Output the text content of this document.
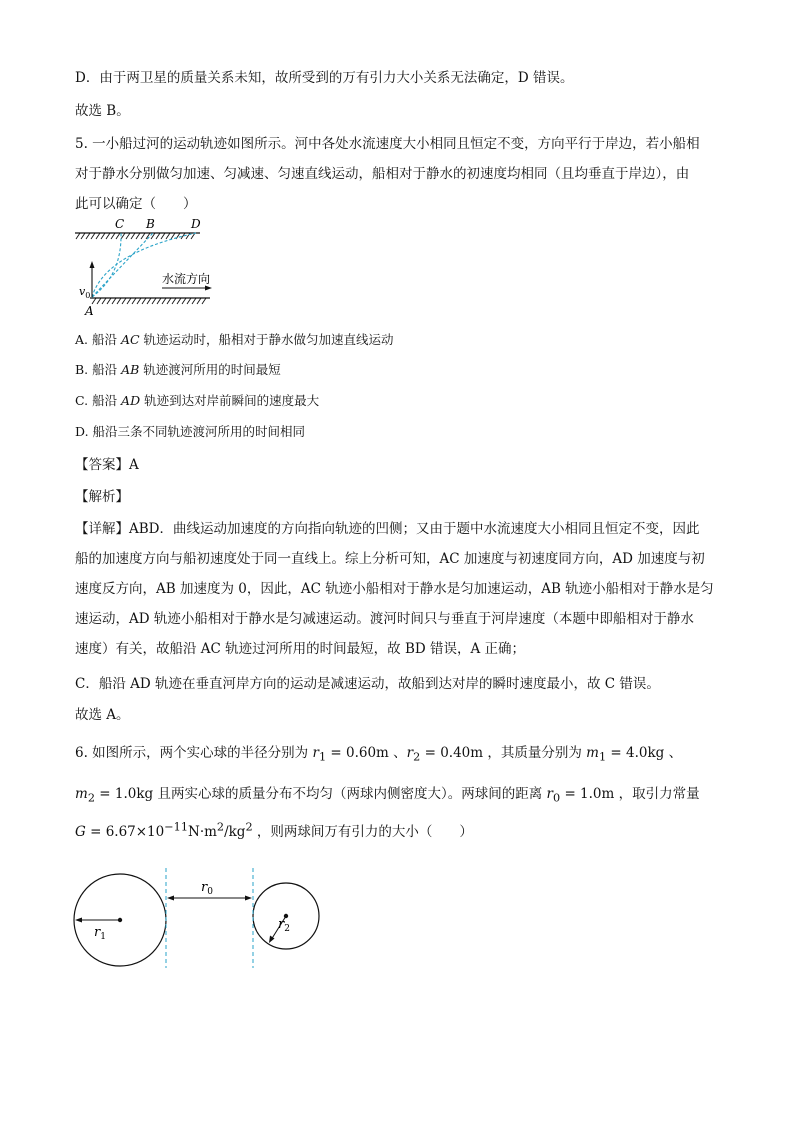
D．由于两卫星的质量关系未知，故所受到的万有引力大小关系无法确定，D 错误。
故选 B。
5. 一小船过河的运动轨迹如图所示。河中各处水流速度大小相同且恒定不变，方向平行于岸边，若小船相
对于静水分别做匀加速、匀减速、匀速直线运动，船相对于静水的初速度均相同（且均垂直于岸边），由
此可以确定（　　）
C B	D
A
$v_0$
水流方向
A. 船沿 AC 轨迹运动时，船相对于静水做匀加速直线运动
B. 船沿 AB 轨迹渡河所用的时间最短
C. 船沿 AD 轨迹到达对岸前瞬间的速度最大
D. 船沿三条不同轨迹渡河所用的时间相同
【答案】A
【解析】
【详解】ABD．曲线运动加速度的方向指向轨迹的凹侧；又由于题中水流速度大小相同且恒定不变，因此
船的加速度方向与船初速度处于同一直线上。综上分析可知，AC 加速度与初速度同方向，AD 加速度与初
速度反方向，AB 加速度为 0，因此，AC 轨迹小船相对于静水是匀加速运动，AB 轨迹小船相对于静水是匀
速运动，AD 轨迹小船相对于静水是匀减速运动。渡河时间只与垂直于河岸速度（本题中即船相对于静水
速度）有关，故船沿 AC 轨迹过河所用的时间最短，故 BD 错误，A 正确；
C．船沿 AD 轨迹在垂直河岸方向的运动是减速运动，故船到达对岸的瞬时速度最小，故 C 错误。
故选 A。
6. 如图所示，两个实心球的半径分别为 $r_1 = 0.60m$ 、$r_2 = 0.40m$ ，其质量分别为 $m_1 = 4.0kg$ 、
$m_2 = 1.0kg$ 且两实心球的质量分布不均匀（两球内侧密度大）。两球间的距离 $r_0 = 1.0m$ ，取引力常量
$G = 6.67\times 10^{-11}N\cdot m^2/kg^2$ ，则两球间万有引力的大小（　　）
$r_0$
$r_1$
$r_2$
